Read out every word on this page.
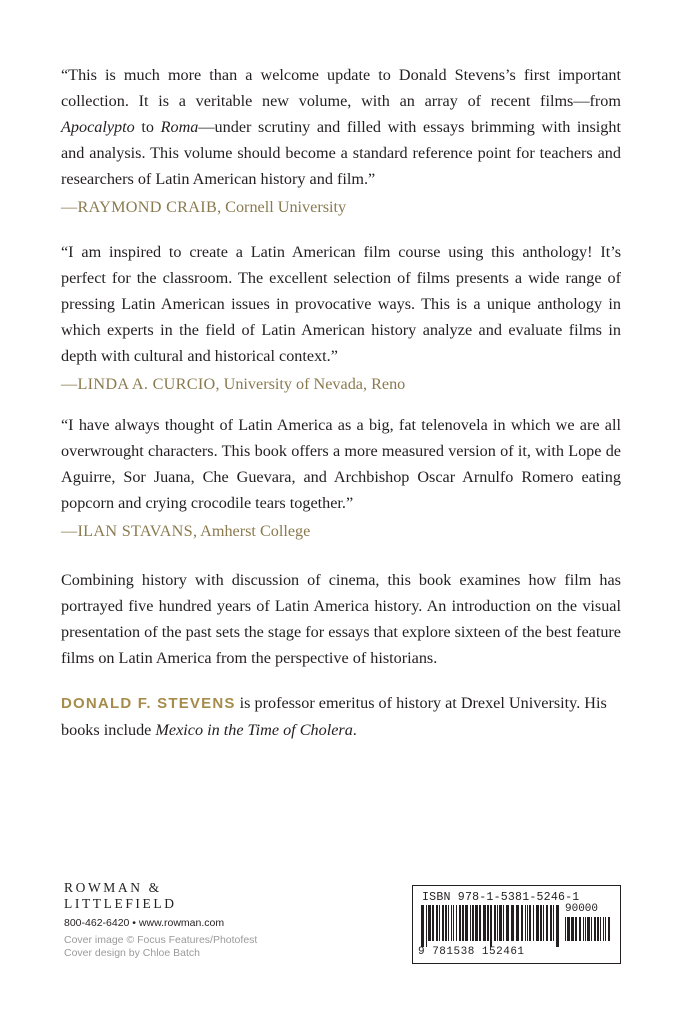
“This is much more than a welcome update to Donald Stevens’s first important collection. It is a veritable new volume, with an array of recent films—from Apocalypto to Roma—under scrutiny and filled with essays brimming with insight and analysis. This volume should become a standard reference point for teachers and researchers of Latin American history and film.”

—RAYMOND CRAIB, Cornell University

“I am inspired to create a Latin American film course using this anthology! It’s perfect for the classroom. The excellent selection of films presents a wide range of pressing Latin American issues in provocative ways. This is a unique anthology in which experts in the field of Latin American history analyze and evaluate films in depth with cultural and historical context.”

—LINDA A. CURCIO, University of Nevada, Reno

“I have always thought of Latin America as a big, fat telenovela in which we are all overwrought characters. This book offers a more measured version of it, with Lope de Aguirre, Sor Juana, Che Guevara, and Archbishop Oscar Arnulfo Romero eating popcorn and crying crocodile tears together.”

—ILAN STAVANS, Amherst College

Combining history with discussion of cinema, this book examines how film has portrayed five hundred years of Latin America history. An introduction on the visual presentation of the past sets the stage for essays that explore sixteen of the best feature films on Latin America from the perspective of historians.

DONALD F. STEVENS is professor emeritus of history at Drexel University. His books include Mexico in the Time of Cholera.

ROWMAN &
LITTLEFIELD
800-462-6420 • www.rowman.com
Cover image © Focus Features/Photofest
Cover design by Chloe Batch
ISBN 978-1-5381-5246-1
90000
9 781538 152461
